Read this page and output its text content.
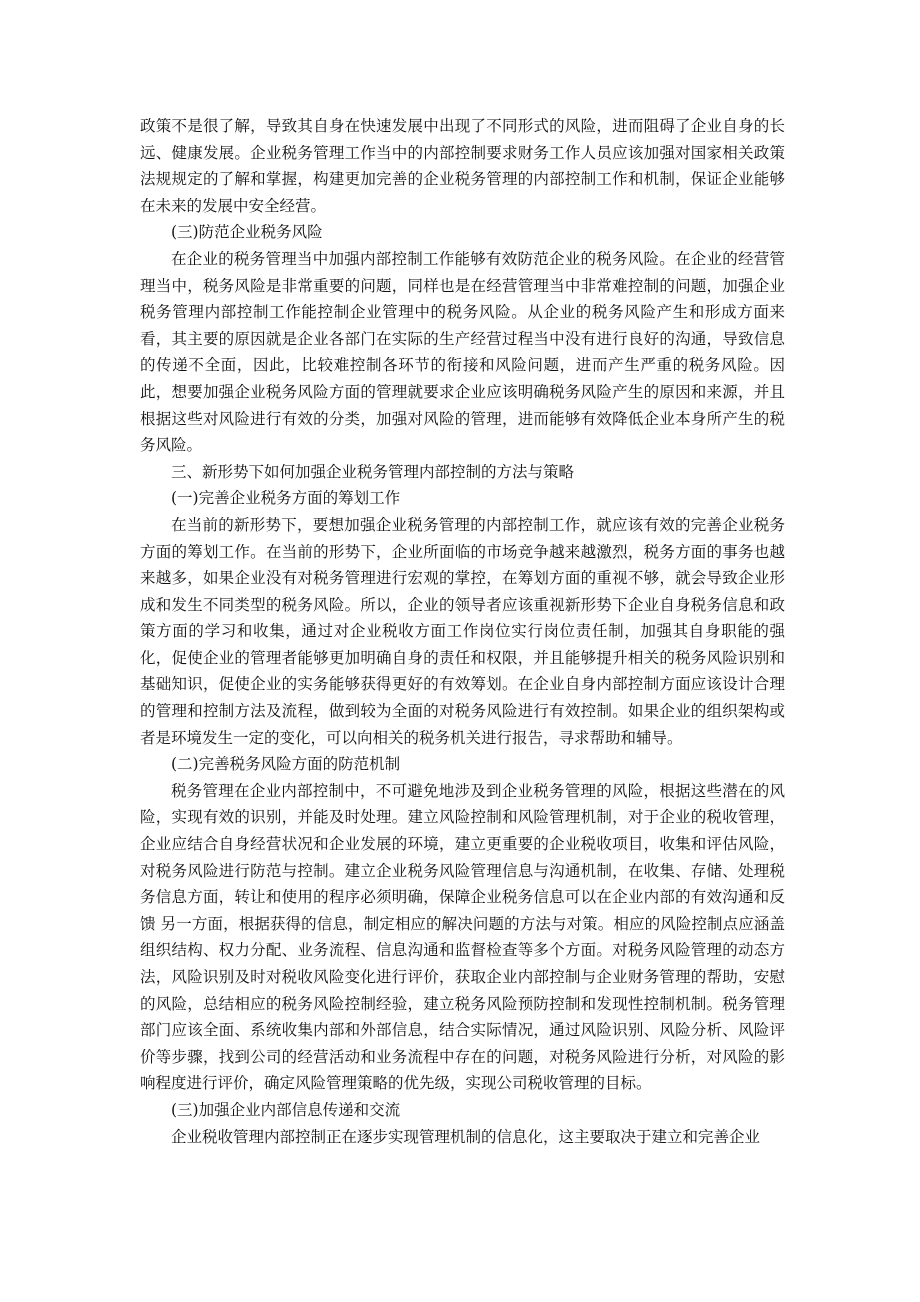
政策不是很了解，导致其自身在快速发展中出现了不同形式的风险，进而阻碍了企业自身的长远、健康发展。企业税务管理工作当中的内部控制要求财务工作人员应该加强对国家相关政策法规规定的了解和掌握，构建更加完善的企业税务管理的内部控制工作和机制，保证企业能够在未来的发展中安全经营。

(三)防范企业税务风险

在企业的税务管理当中加强内部控制工作能够有效防范企业的税务风险。在企业的经营管理当中，税务风险是非常重要的问题，同样也是在经营管理当中非常难控制的问题，加强企业税务管理内部控制工作能控制企业管理中的税务风险。从企业的税务风险产生和形成方面来看，其主要的原因就是企业各部门在实际的生产经营过程当中没有进行良好的沟通，导致信息的传递不全面，因此，比较难控制各环节的衔接和风险问题，进而产生严重的税务风险。因此，想要加强企业税务风险方面的管理就要求企业应该明确税务风险产生的原因和来源，并且根据这些对风险进行有效的分类，加强对风险的管理，进而能够有效降低企业本身所产生的税务风险。

三、新形势下如何加强企业税务管理内部控制的方法与策略

(一)完善企业税务方面的筹划工作

在当前的新形势下，要想加强企业税务管理的内部控制工作，就应该有效的完善企业税务方面的筹划工作。在当前的形势下，企业所面临的市场竞争越来越激烈，税务方面的事务也越来越多，如果企业没有对税务管理进行宏观的掌控，在筹划方面的重视不够，就会导致企业形成和发生不同类型的税务风险。所以，企业的领导者应该重视新形势下企业自身税务信息和政策方面的学习和收集，通过对企业税收方面工作岗位实行岗位责任制，加强其自身职能的强化，促使企业的管理者能够更加明确自身的责任和权限，并且能够提升相关的税务风险识别和基础知识，促使企业的实务能够获得更好的有效筹划。在企业自身内部控制方面应该设计合理的管理和控制方法及流程，做到较为全面的对税务风险进行有效控制。如果企业的组织架构或者是环境发生一定的变化，可以向相关的税务机关进行报告，寻求帮助和辅导。

(二)完善税务风险方面的防范机制

税务管理在企业内部控制中，不可避免地涉及到企业税务管理的风险，根据这些潜在的风险，实现有效的识别，并能及时处理。建立风险控制和风险管理机制，对于企业的税收管理，企业应结合自身经营状况和企业发展的环境，建立更重要的企业税收项目，收集和评估风险，对税务风险进行防范与控制。建立企业税务风险管理信息与沟通机制，在收集、存储、处理税务信息方面，转让和使用的程序必须明确，保障企业税务信息可以在企业内部的有效沟通和反馈 另一方面，根据获得的信息，制定相应的解决问题的方法与对策。相应的风险控制点应涵盖组织结构、权力分配、业务流程、信息沟通和监督检查等多个方面。对税务风险管理的动态方法，风险识别及时对税收风险变化进行评价，获取企业内部控制与企业财务管理的帮助，安慰的风险，总结相应的税务风险控制经验，建立税务风险预防控制和发现性控制机制。税务管理部门应该全面、系统收集内部和外部信息，结合实际情况，通过风险识别、风险分析、风险评价等步骤，找到公司的经营活动和业务流程中存在的问题，对税务风险进行分析，对风险的影响程度进行评价，确定风险管理策略的优先级，实现公司税收管理的目标。

(三)加强企业内部信息传递和交流

企业税收管理内部控制正在逐步实现管理机制的信息化，这主要取决于建立和完善企业
